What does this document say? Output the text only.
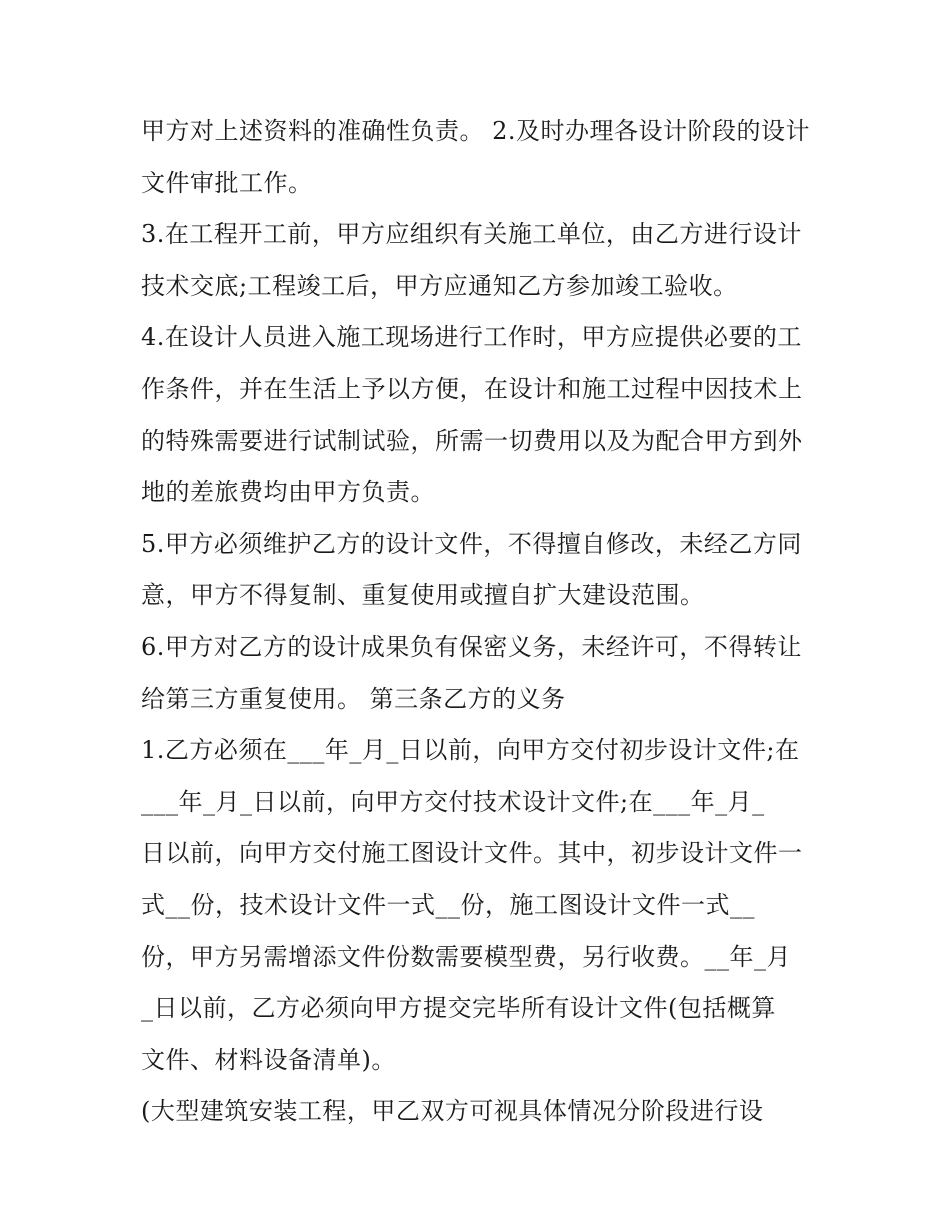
甲方对上述资料的准确性负责。 2.及时办理各设计阶段的设计
文件审批工作。
3.在工程开工前，甲方应组织有关施工单位，由乙方进行设计
技术交底;工程竣工后，甲方应通知乙方参加竣工验收。
4.在设计人员进入施工现场进行工作时，甲方应提供必要的工
作条件，并在生活上予以方便，在设计和施工过程中因技术上
的特殊需要进行试制试验，所需一切费用以及为配合甲方到外
地的差旅费均由甲方负责。
5.甲方必须维护乙方的设计文件，不得擅自修改，未经乙方同
意，甲方不得复制、重复使用或擅自扩大建设范围。
6.甲方对乙方的设计成果负有保密义务，未经许可，不得转让
给第三方重复使用。 第三条乙方的义务
1.乙方必须在___年_月_日以前，向甲方交付初步设计文件;在
___年_月_日以前，向甲方交付技术设计文件;在___年_月_
日以前，向甲方交付施工图设计文件。其中，初步设计文件一
式__份，技术设计文件一式__份，施工图设计文件一式__
份，甲方另需增添文件份数需要模型费，另行收费。__年_月
_日以前，乙方必须向甲方提交完毕所有设计文件(包括概算
文件、材料设备清单)。
(大型建筑安装工程，甲乙双方可视具体情况分阶段进行设
